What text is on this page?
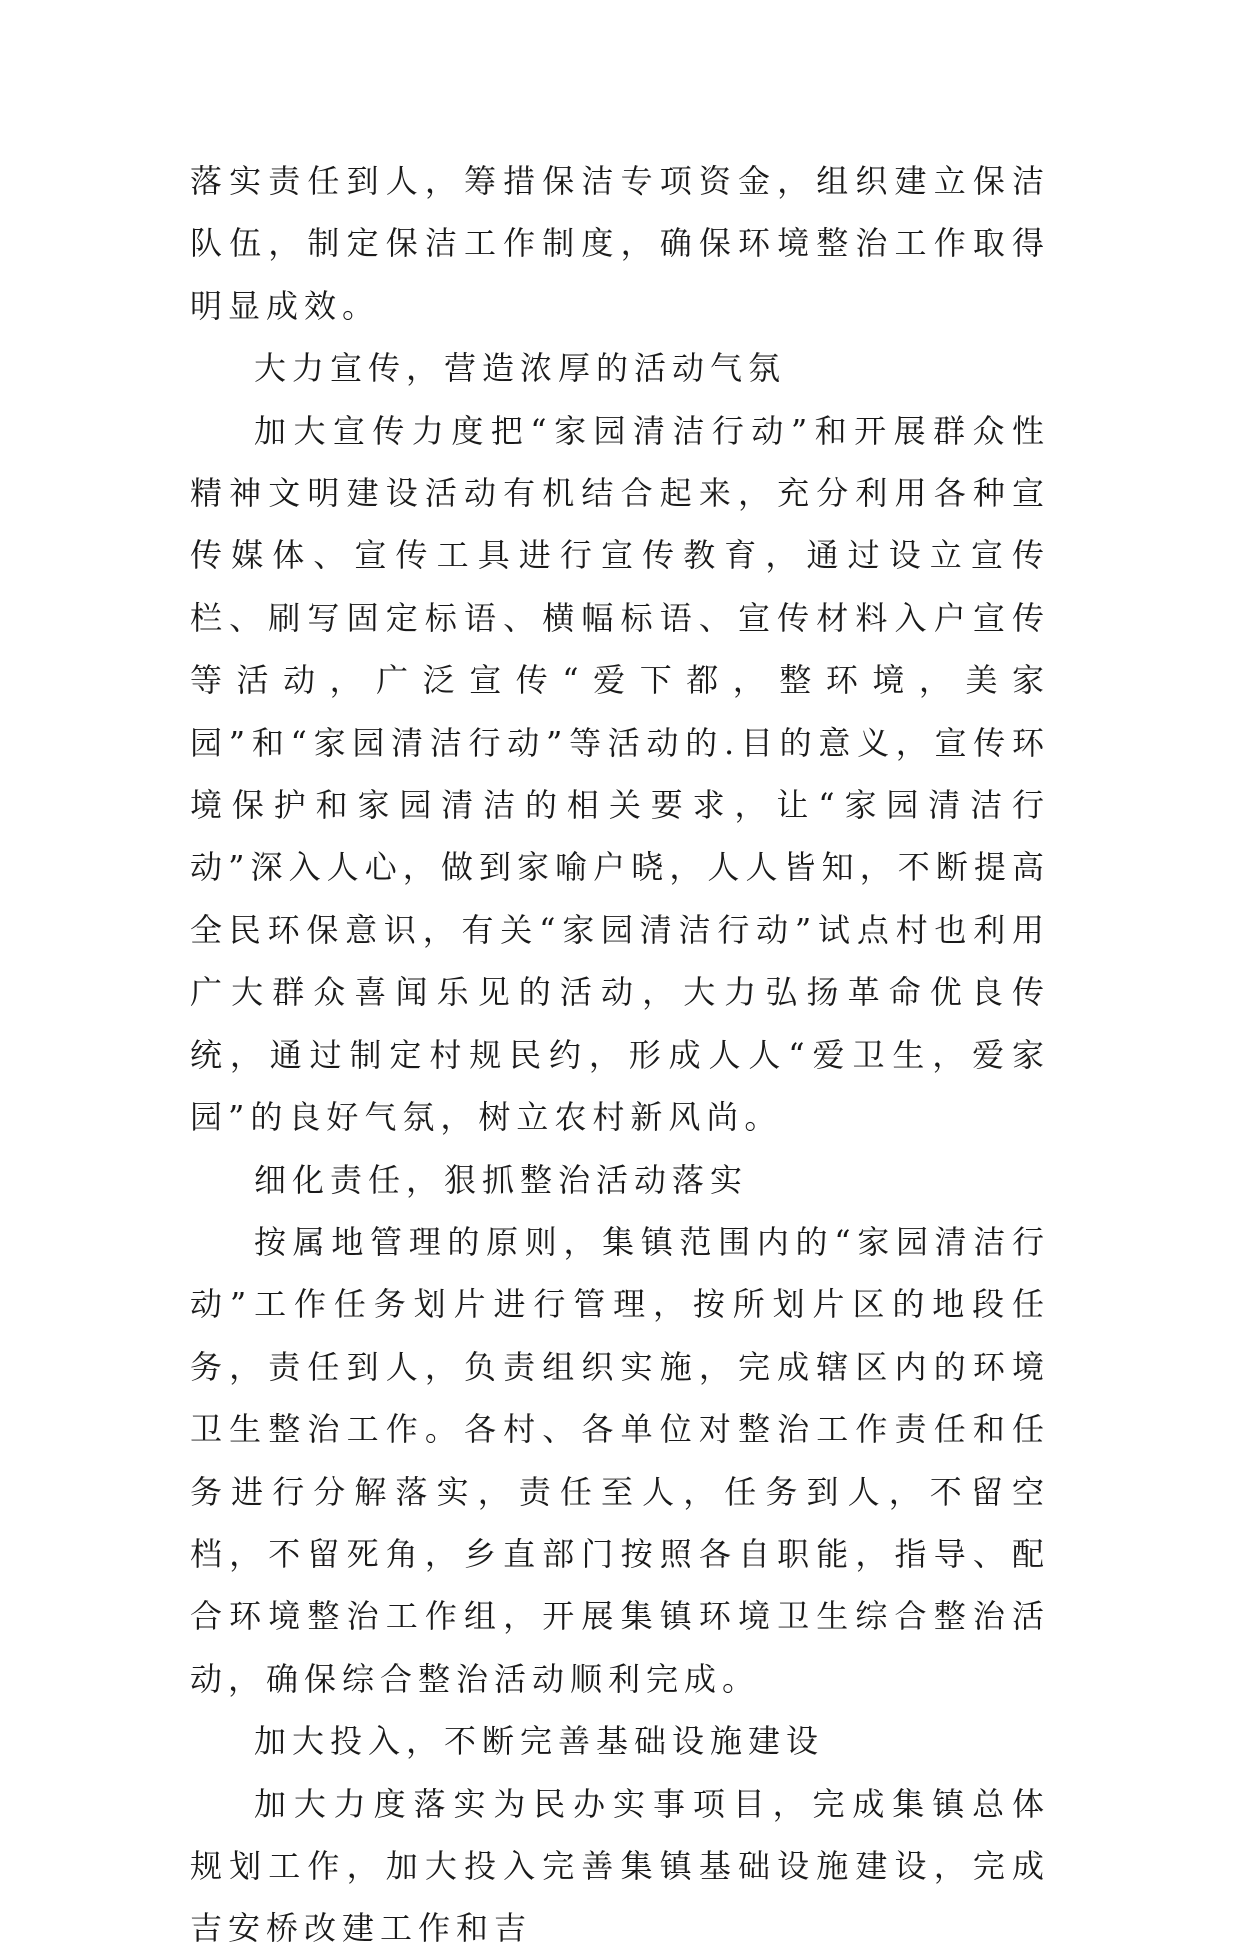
落实责任到人，筹措保洁专项资金，组织建立保洁队伍，制定保洁工作制度，确保环境整治工作取得明显成效。

大力宣传，营造浓厚的活动气氛

加大宣传力度把“家园清洁行动”和开展群众性精神文明建设活动有机结合起来，充分利用各种宣传媒体、宣传工具进行宣传教育，通过设立宣传栏、刷写固定标语、横幅标语、宣传材料入户宣传等活动，广泛宣传“爱下都，整环境，美家园”和“家园清洁行动”等活动的.目的意义，宣传环境保护和家园清洁的相关要求，让“家园清洁行动”深入人心，做到家喻户晓，人人皆知，不断提高全民环保意识，有关“家园清洁行动”试点村也利用广大群众喜闻乐见的活动，大力弘扬革命优良传统，通过制定村规民约，形成人人“爱卫生，爱家园”的良好气氛，树立农村新风尚。

细化责任，狠抓整治活动落实

按属地管理的原则，集镇范围内的“家园清洁行动”工作任务划片进行管理，按所划片区的地段任务，责任到人，负责组织实施，完成辖区内的环境卫生整治工作。各村、各单位对整治工作责任和任务进行分解落实，责任至人，任务到人，不留空档，不留死角，乡直部门按照各自职能，指导、配合环境整治工作组，开展集镇环境卫生综合整治活动，确保综合整治活动顺利完成。

加大投入，不断完善基础设施建设

加大力度落实为民办实事项目，完成集镇总体规划工作，加大投入完善集镇基础设施建设，完成吉安桥改建工作和吉
